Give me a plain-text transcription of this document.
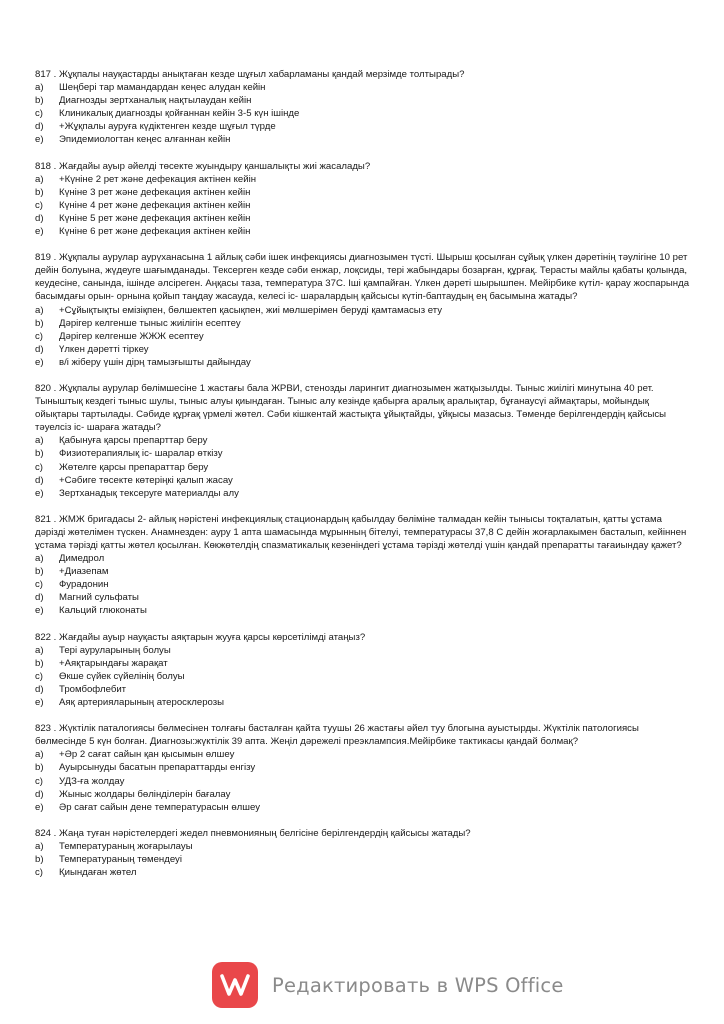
817 . Жұқпалы науқастарды анықтаған кезде шұғыл хабарламаны қандай мерзімде толтырады?

a)	Шеңбері тар мамандардан кеңес алудан кейін
b)	Диагнозды зертханалық нақтылаудан кейін
c)	Клиникалық диагнозды қойғаннан кейін 3-5 күн ішінде
d)	+Жұқпалы ауруға күдіктенген кезде шұғыл түрде
e)	Эпидемиологтан кеңес алғаннан кейін

818 . Жағдайы ауыр әйелді төсекте жуындыру қаншалықты жиі жасалады?

a)	+Күніне 2 рет және дефекация актінен кейін
b)	Күніне 3 рет және дефекация актінен кейін
c)	Күніне 4 рет және дефекация актінен кейін
d)	Күніне 5 рет және дефекация актінен кейін
e)	Күніне 6 рет және дефекация актінен кейін

819 . Жұқпалы аурулар аурүханасына 1 айлық сәби ішек инфекциясы диагнозымен түсті. Шырыш қосылған сұйық үлкен дәретінің тәулігіне 10 рет дейін болуына, жүдеуге шағымданады. Тексерген кезде сәби енжар, лоқсиды, тері жабындары бозарған, құрғақ. Терасты майлы қабаты қолында, кеудесіне, санында, ішінде әлсіреген. Аңқасы таза, температура 37С. Іші қампайған. Үлкен дәреті шырышпен. Мейірбике күтіл- қарау жоспарында басымдағы орын- орнына қойып таңдау жасауда, келесі іс- шаралардың қайсысы күтіп-баптаудың ең басымына жатады?

a)	+Сұйықтықты емізіқпен, бөлшектеп қасықпен, жиі мөлшерімен беруді қамтамасыз ету
b)	Дәрігер келгенше тыныс жиілігін есептеу
c)	Дәрігер келгенше ЖЖЖ есептеу
d)	Үлкен дәретті тіркеу
e)	в/і жіберу үшін дірң тамызғышты дайындау

820 . Жұқпалы аурулар бөлімшесіне 1 жастағы бала ЖРВИ, стенозды ларингит диагнозымен жатқызылды. Тыныс жиілігі минутына 40 рет. Тыныштық кездегі тыныс шулы, тыныс алуы қиындаған. Тыныс алу кезінде қабырға аралық аралықтар, бұғанаусүі аймақтары, мойындық ойықтары тартылады. Сәбиде құрғақ үрмелі жөтел. Сәби кішкентай жастықта ұйықтайды, ұйқысы мазасыз. Төменде берілгендердің қайсысы тәуелсіз іс- шараға жатады?

a)	Қабынуға қарсы препарттар беру
b)	Физиотерапиялық іс- шаралар өткізу
c)	Жөтелге қарсы препараттар беру
d)	+Сәбиге төсекте көтеріңкі қалып жасау
e)	Зертханадық тексеруге материалды алу

821 . ЖМЖ бригадасы 2- айлық нәрістені инфекциялық стационардың қабылдау бөліміне талмадан кейін тынысы тоқталатын, қатты ұстама дәрізді жөтелімен түскен. Анамнезден: ауру 1 апта шамасында мұрынның бітелуі, температурасы 37,8 С дейін жоғарлакымен басталып, кейіннен ұстама тәрізді қатты жөтел қосылған. Көкжөтелдің спазматикалық кезеніндегі ұстама тәрізді жөтелді үшін қандай препаратты тағаиындау қажет?

a)	Димедрол
b)	+Диазепам
c)	Фурадонин
d)	Магний сульфаты
e)	Кальций глюконаты

822 . Жағдайы ауыр науқасты аяқтарын жууға қарсы көрсетілімді атаңыз?

a)	Тері ауруларының болуы
b)	+Аяқтарындағы жарақат
c)	Өкше сүйек сүйелінің болуы
d)	Тромбофлебит
e)	Аяқ артерияларының атеросклерозы

823 . Жүктілік паталогиясы бөлмесінен толғағы басталған қайта туушы 26 жастағы әйел туу блогына ауыстырды. Жүктілік патологиясы бөлмесінде 5 күн болған. Диагнозы:жүктілік 39 апта. Жеңіл дәрежелі преэклампсия.Мейірбике тактикасы қандай болмақ?

a)	+Әр 2 сағат сайын қан қысымын өлшеу
b)	Ауырсынуды басатын препараттарды енгізу
c)	УДЗ-ға жолдау
d)	Жыныс жолдары бөлінділерін бағалау
e)	Әр сағат сайын дене температурасын өлшеу

824 . Жаңа туған нәрістелердегі жедел пневмонияның белгісіне берілгендердің қайсысы жатады?

a)	Температураның жоғарылауы
b)	Температураның төмендеуі
c)	Қиындаған жөтел
Редактировать в WPS Office
